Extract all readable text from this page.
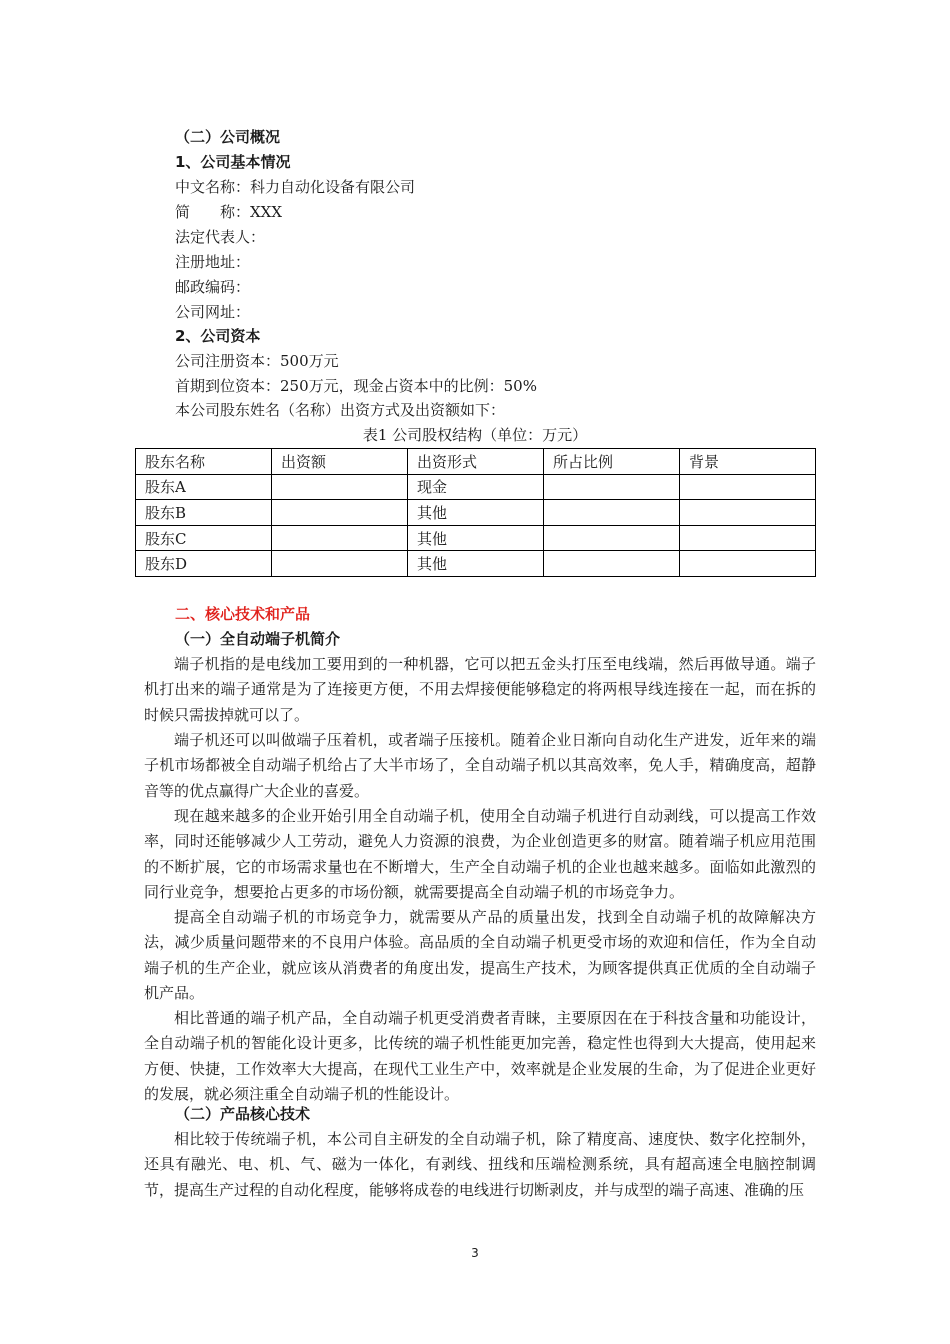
（二）公司概况
1、公司基本情况
中文名称：科力自动化设备有限公司
简　　称：XXX
法定代表人：
注册地址：
邮政编码：
公司网址：
2、公司资本
公司注册资本：500万元
首期到位资本：250万元，现金占资本中的比例：50%
本公司股东姓名（名称）出资方式及出资额如下：
表1 公司股权结构（单位：万元）
股东名称	出资额	出资形式	所占比例	背景
股东A		现金		
股东B		其他		
股东C		其他		
股东D		其他		
二、核心技术和产品
（一）全自动端子机简介
端子机指的是电线加工要用到的一种机器，它可以把五金头打压至电线端，然后再做导通。端子机打出来的端子通常是为了连接更方便，不用去焊接便能够稳定的将两根导线连接在一起，而在拆的时候只需拔掉就可以了。
端子机还可以叫做端子压着机，或者端子压接机。随着企业日渐向自动化生产进发，近年来的端子机市场都被全自动端子机给占了大半市场了，全自动端子机以其高效率，免人手，精确度高，超静音等的优点赢得广大企业的喜爱。
现在越来越多的企业开始引用全自动端子机，使用全自动端子机进行自动剥线，可以提高工作效率，同时还能够减少人工劳动，避免人力资源的浪费，为企业创造更多的财富。随着端子机应用范围的不断扩展，它的市场需求量也在不断增大，生产全自动端子机的企业也越来越多。面临如此激烈的同行业竞争，想要抢占更多的市场份额，就需要提高全自动端子机的市场竞争力。
提高全自动端子机的市场竞争力，就需要从产品的质量出发，找到全自动端子机的故障解决方法，减少质量问题带来的不良用户体验。高品质的全自动端子机更受市场的欢迎和信任，作为全自动端子机的生产企业，就应该从消费者的角度出发，提高生产技术，为顾客提供真正优质的全自动端子机产品。
相比普通的端子机产品，全自动端子机更受消费者青睐，主要原因在在于科技含量和功能设计，全自动端子机的智能化设计更多，比传统的端子机性能更加完善，稳定性也得到大大提高，使用起来方便、快捷，工作效率大大提高，在现代工业生产中，效率就是企业发展的生命，为了促进企业更好的发展，就必须注重全自动端子机的性能设计。
（二）产品核心技术
相比较于传统端子机，本公司自主研发的全自动端子机，除了精度高、速度快、数字化控制外，还具有融光、电、机、气、磁为一体化，有剥线、扭线和压端检测系统，具有超高速全电脑控制调节，提高生产过程的自动化程度，能够将成卷的电线进行切断剥皮，并与成型的端子高速、准确的压
3
